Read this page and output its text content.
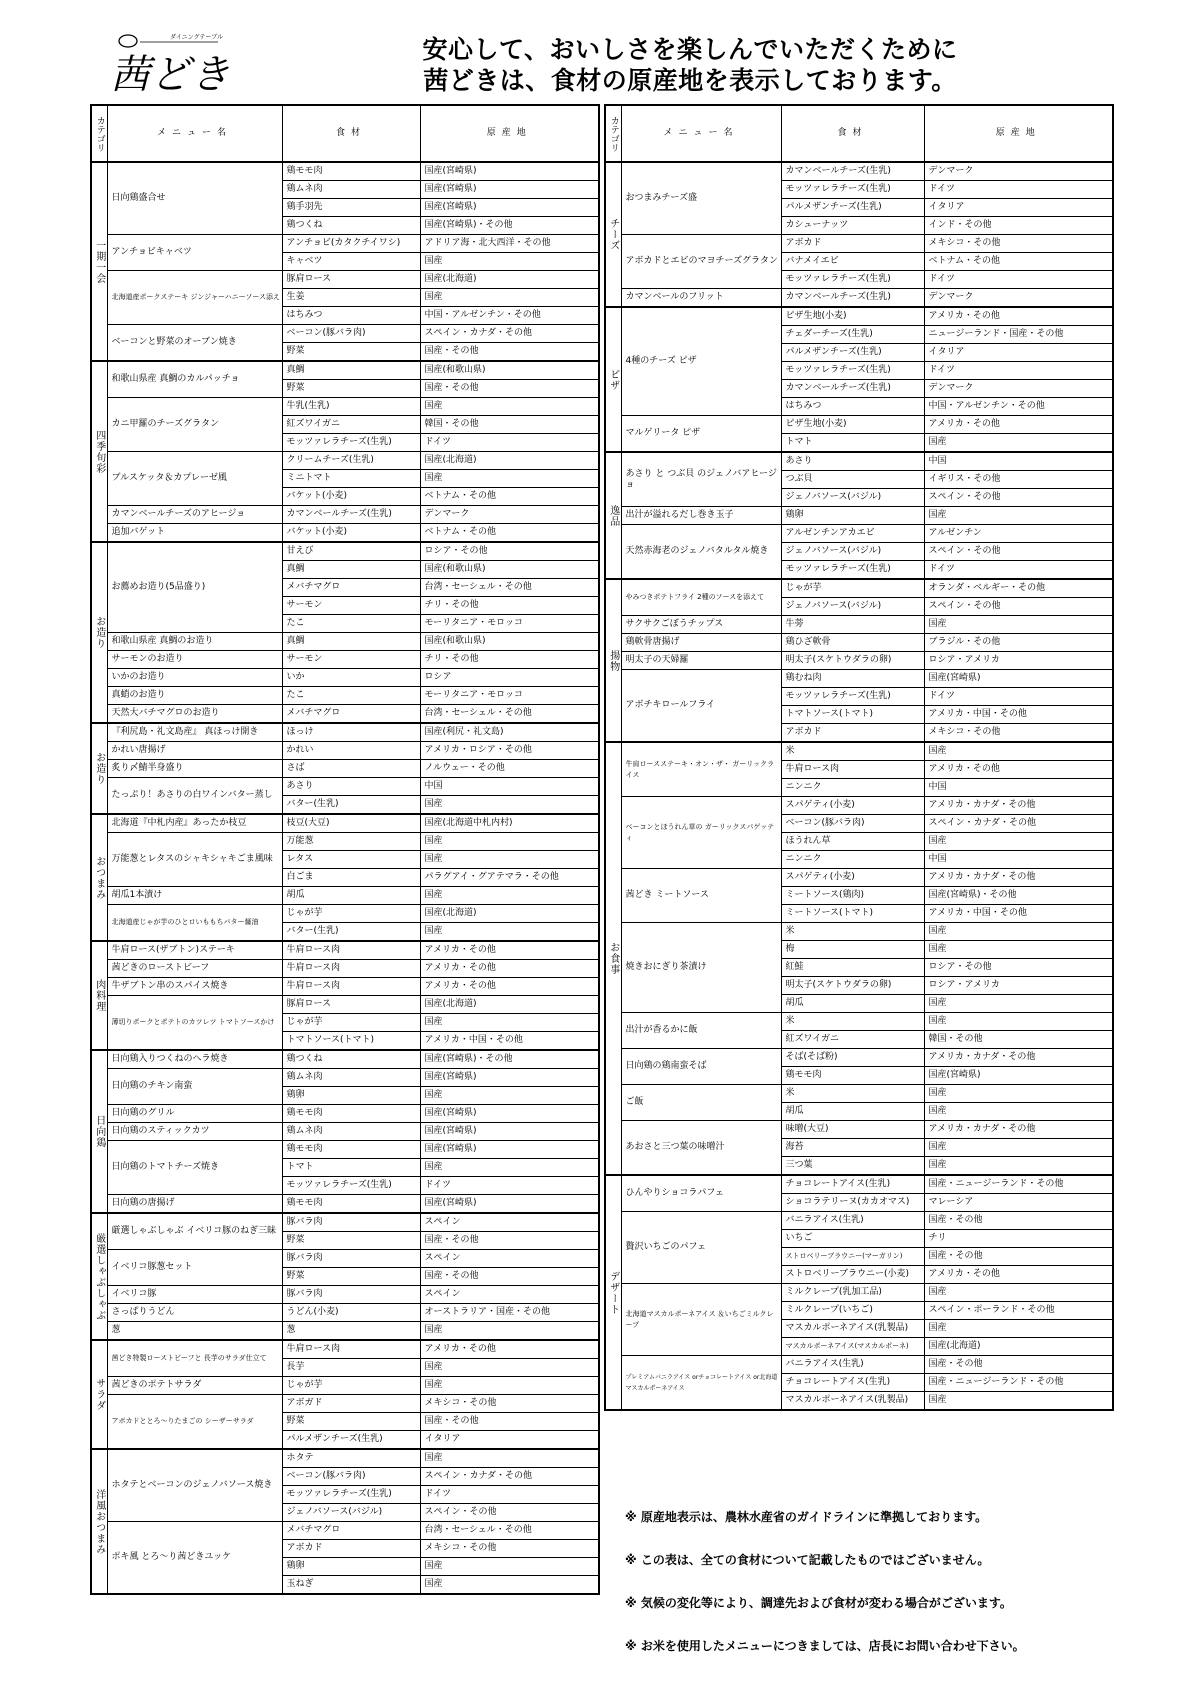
ダイニングテーブル
茜どき
安心して、おいしさを楽しんでいただくために
茜どきは、食材の原産地を表示しております。
カテゴリ	メニュー名	食材	原産地
一期一会	日向鶏盛合せ	鶏モモ肉	国産(宮崎県)
		鶏ムネ肉	国産(宮崎県)
		鶏手羽先	国産(宮崎県)
		鶏つくね	国産(宮崎県)・その他
	アンチョビキャベツ	アンチョビ(カタクチイワシ)	アドリア海・北大西洋・その他
		キャベツ	国産
	北海道産ポークステーキ ジンジャーハニーソース添え	豚肩ロース	国産(北海道)
		生姜	国産
		はちみつ	中国・アルゼンチン・その他
	ベーコンと野菜のオーブン焼き	ベーコン(豚バラ肉)	スペイン・カナダ・その他
		野菜	国産・その他
四季旬彩	和歌山県産 真鯛のカルパッチョ	真鯛	国産(和歌山県)
		野菜	国産・その他
	カニ甲羅のチーズグラタン	牛乳(生乳)	国産
		紅ズワイガニ	韓国・その他
		モッツァレラチーズ(生乳)	ドイツ
	ブルスケッタ＆カプレーゼ風	クリームチーズ(生乳)	国産(北海道)
		ミニトマト	国産
		バケット(小麦)	ベトナム・その他
	カマンベールチーズのアヒージョ	カマンベールチーズ(生乳)	デンマーク
	追加バゲット	バケット(小麦)	ベトナム・その他
お造り	お薦めお造り(5品盛り)	甘えび	ロシア・その他
		真鯛	国産(和歌山県)
		メバチマグロ	台湾・セーシェル・その他
		サーモン	チリ・その他
		たこ	モーリタニア・モロッコ
	和歌山県産 真鯛のお造り	真鯛	国産(和歌山県)
	サーモンのお造り	サーモン	チリ・その他
	いかのお造り	いか	ロシア
	真蛸のお造り	たこ	モーリタニア・モロッコ
	天然大バチマグロのお造り	メバチマグロ	台湾・セーシェル・その他
お造り	『利尻島・礼文島産』 真ほっけ開き	ほっけ	国産(利尻・礼文島)
	かれい唐揚げ	かれい	アメリカ・ロシア・その他
	炙り〆鯖半身盛り	さば	ノルウェー・その他
	たっぷり！あさりの白ワインバター蒸し	あさり	中国
		バター(生乳)	国産
おつまみ	北海道『中札内産』あったか枝豆	枝豆(大豆)	国産(北海道中札内村)
	万能葱とレタスのシャキシャキごま風味	万能葱	国産
		レタス	国産
		白ごま	パラグアイ・グアテマラ・その他
	胡瓜1本漬け	胡瓜	国産
	北海道産じゃが芋のひとロいももちバター醤油	じゃが芋	国産(北海道)
		バター(生乳)	国産
肉料理	牛肩ロース(ザブトン)ステーキ	牛肩ロース肉	アメリカ・その他
	茜どきのローストビーフ	牛肩ロース肉	アメリカ・その他
	牛ザブトン串のスパイス焼き	牛肩ロース肉	アメリカ・その他
	薄切りポークとポテトのカツレツ トマトソースかけ	豚肩ロース	国産(北海道)
		じゃが芋	国産
		トマトソース(トマト)	アメリカ・中国・その他
日向鶏	日向鶏入りつくねのヘラ焼き	鶏つくね	国産(宮崎県)・その他
	日向鶏のチキン南蛮	鶏ムネ肉	国産(宮崎県)
		鶏卵	国産
	日向鶏のグリル	鶏モモ肉	国産(宮崎県)
	日向鶏のスティックカツ	鶏ムネ肉	国産(宮崎県)
	日向鶏のトマトチーズ焼き	鶏モモ肉	国産(宮崎県)
		トマト	国産
		モッツァレラチーズ(生乳)	ドイツ
	日向鶏の唐揚げ	鶏モモ肉	国産(宮崎県)
厳選しゃぶしゃぶ	厳選しゃぶしゃぶ イベリコ豚のねぎ三昧	豚バラ肉	スペイン
		野菜	国産・その他
	イベリコ豚葱セット	豚バラ肉	スペイン
		野菜	国産・その他
	イベリコ豚	豚バラ肉	スペイン
	さっぱりうどん	うどん(小麦)	オーストラリア・国産・その他
	葱	葱	国産
サラダ	茜どき特製ローストビーフと 長芋のサラダ仕立て	牛肩ロース肉	アメリカ・その他
		長芋	国産
	茜どきのポテトサラダ	じゃが芋	国産
	アボカドととろ〜りたまごの シーザーサラダ	アボガド	メキシコ・その他
		野菜	国産・その他
		パルメザンチーズ(生乳)	イタリア
洋風おつまみ	ホタテとベーコンのジェノバソース焼き	ホタテ	国産
		ベーコン(豚バラ肉)	スペイン・カナダ・その他
		モッツァレラチーズ(生乳)	ドイツ
		ジェノバソース(バジル)	スペイン・その他
	ポキ風 とろ〜り茜どきユッケ	メバチマグロ	台湾・セーシェル・その他
		アボカド	メキシコ・その他
		鶏卵	国産
		玉ねぎ	国産
カテゴリ	メニュー名	食材	原産地
チーズ	おつまみチーズ盛	カマンベールチーズ(生乳)	デンマーク
		モッツァレラチーズ(生乳)	ドイツ
		パルメザンチーズ(生乳)	イタリア
		カシューナッツ	インド・その他
	アボカドとエビのマヨチーズグラタン	アボカド	メキシコ・その他
		バナメイエビ	ベトナム・その他
		モッツァレラチーズ(生乳)	ドイツ
	カマンベールのフリット	カマンベールチーズ(生乳)	デンマーク
ピザ	4種のチーズ ピザ	ピザ生地(小麦)	アメリカ・その他
		チェダーチーズ(生乳)	ニュージーランド・国産・その他
		パルメザンチーズ(生乳)	イタリア
		モッツァレラチーズ(生乳)	ドイツ
		カマンベールチーズ(生乳)	デンマーク
		はちみつ	中国・アルゼンチン・その他
	マルゲリータ ピザ	ピザ生地(小麦)	アメリカ・その他
		トマト	国産
逸品	あさり と つぶ貝 のジェノバアヒージョ	あさり	中国
		つぶ貝	イギリス・その他
		ジェノバソース(バジル)	スペイン・その他
	出汁が溢れるだし巻き玉子	鶏卵	国産
	天然赤海老のジェノバタルタル焼き	アルゼンチンアカエビ	アルゼンチン
		ジェノバソース(バジル)	スペイン・その他
		モッツァレラチーズ(生乳)	ドイツ
揚物	やみつきポテトフライ 2種のソースを添えて	じゃが芋	オランダ・ベルギー・その他
		ジェノバソース(バジル)	スペイン・その他
	サクサクごぼうチップス	牛蒡	国産
	鶏軟骨唐揚げ	鶏ひざ軟骨	ブラジル・その他
	明太子の天婦羅	明太子(スケトウダラの卵)	ロシア・アメリカ
	アボチキロールフライ	鶏むね肉	国産(宮崎県)
		モッツァレラチーズ(生乳)	ドイツ
		トマトソース(トマト)	アメリカ・中国・その他
		アボカド	メキシコ・その他
お食事	牛肩ロースステーキ・オン・ザ・ ガーリックライス	米	国産
		牛肩ロース肉	アメリカ・その他
		ニンニク	中国
	ベーコンとほうれん草の ガーリックスパゲッティ	スパゲティ(小麦)	アメリカ・カナダ・その他
		ベーコン(豚バラ肉)	スペイン・カナダ・その他
		ほうれん草	国産
		ニンニク	中国
	茜どき ミートソース	スパゲティ(小麦)	アメリカ・カナダ・その他
		ミートソース(鶏肉)	国産(宮崎県)・その他
		ミートソース(トマト)	アメリカ・中国・その他
	焼きおにぎり茶漬け	米	国産
		梅	国産
		紅鮭	ロシア・その他
		明太子(スケトウダラの卵)	ロシア・アメリカ
		胡瓜	国産
	出汁が香るかに飯	米	国産
		紅ズワイガニ	韓国・その他
	日向鶏の鶏南蛮そば	そば(そば粉)	アメリカ・カナダ・その他
		鶏モモ肉	国産(宮崎県)
	ご飯	米	国産
		胡瓜	国産
	あおさと三つ葉の味噌汁	味噌(大豆)	アメリカ・カナダ・その他
		海苔	国産
		三つ葉	国産
デザート	ひんやりショコラパフェ	チョコレートアイス(生乳)	国産・ニュージーランド・その他
		ショコラテリーヌ(カカオマス)	マレーシア
	贅沢いちごのパフェ	バニラアイス(生乳)	国産・その他
		いちご	チリ
		ストロベリーブラウニー(マーガリン)	国産・その他
		ストロベリーブラウニー(小麦)	アメリカ・その他
	北海道マスカルポーネアイス ＆いちごミルクレープ	ミルクレープ(乳加工品)	国産
		ミルクレープ(いちご)	スペイン・ポーランド・その他
		マスカルポーネアイス(乳製品)	国産
		マスカルポーネアイス(マスカルポーネ)	国産(北海道)
	プレミアムバニラアイス orチョコレートアイス or北海道マスカルポーネアイス	バニラアイス(生乳)	国産・その他
		チョコレートアイス(生乳)	国産・ニュージーランド・その他
		マスカルポーネアイス(乳製品)	国産

※ 原産地表示は、農林水産省のガイドラインに準拠しております。

※ この表は、全ての食材について記載したものではございません。

※ 気候の変化等により、調達先および食材が変わる場合がございます。

※ お米を使用したメニューにつきましては、店長にお問い合わせ下さい。
